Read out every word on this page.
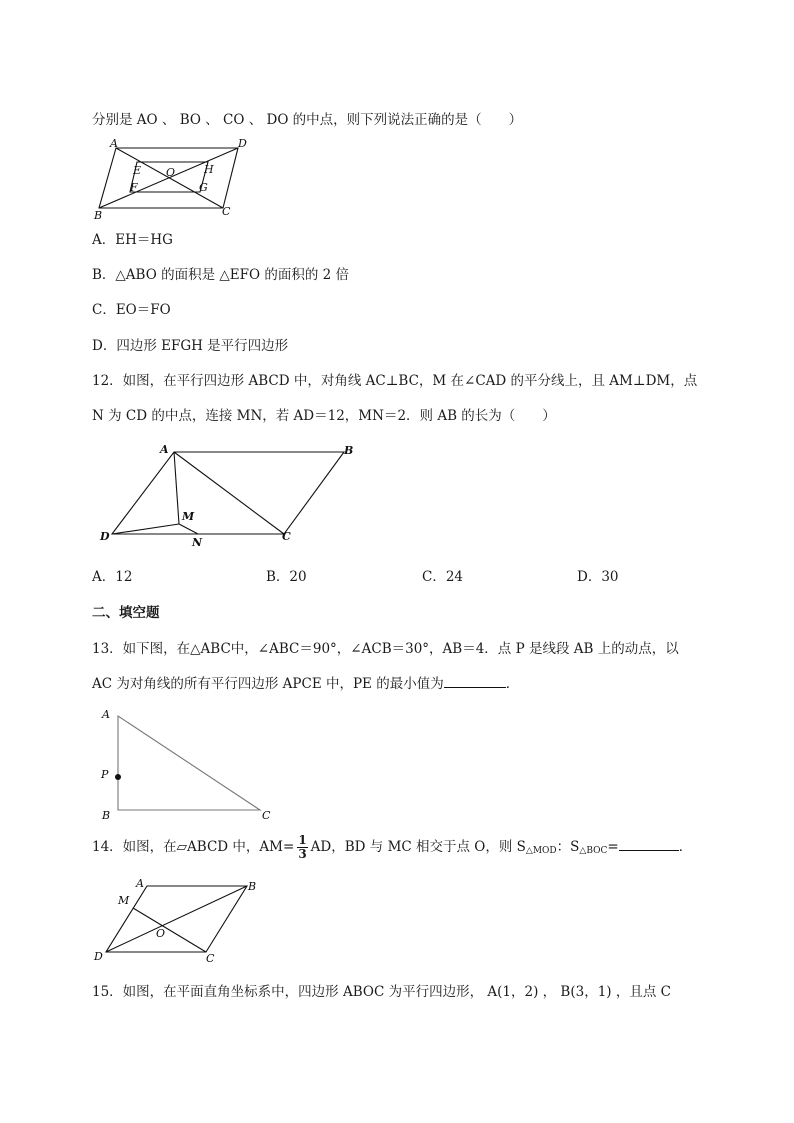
分别是 AO 、 BO 、 CO 、 DO 的中点，则下列说法正确的是（　　）
A	D
O
E	H
F	G
B	C
A．EH＝HG
B．△ABO 的面积是 △EFO 的面积的 2 倍
C．EO＝FO
D．四边形 EFGH 是平行四边形
12．如图，在平行四边形 ABCD 中，对角线 AC⊥BC，M 在∠CAD 的平分线上，且 AM⊥DM，点
N 为 CD 的中点，连接 MN，若 AD＝12，MN＝2．则 AB 的长为（　　）
A	B
M
D	N	C
A．12	B．20	C．24	D．30
二、填空题
13．如下图，在△ABC中，∠ABC＝90°，∠ACB＝30°，AB＝4．点 P 是线段 AB 上的动点，以
AC 为对角线的所有平行四边形 APCE 中，PE 的最小值为	．
A
P
B	C
14．如图，在▱ABCD 中，$AM= \frac{1}{3}$ AD，BD 与 MC 相交于点 O，则 $S_{\triangle MOD}$：$S_{\triangle BOC}=$	．
A	B
M
O
D	C
15．如图，在平面直角坐标系中，四边形 ABOC 为平行四边形， A(1，2) ， B(3，1) ，且点 C
